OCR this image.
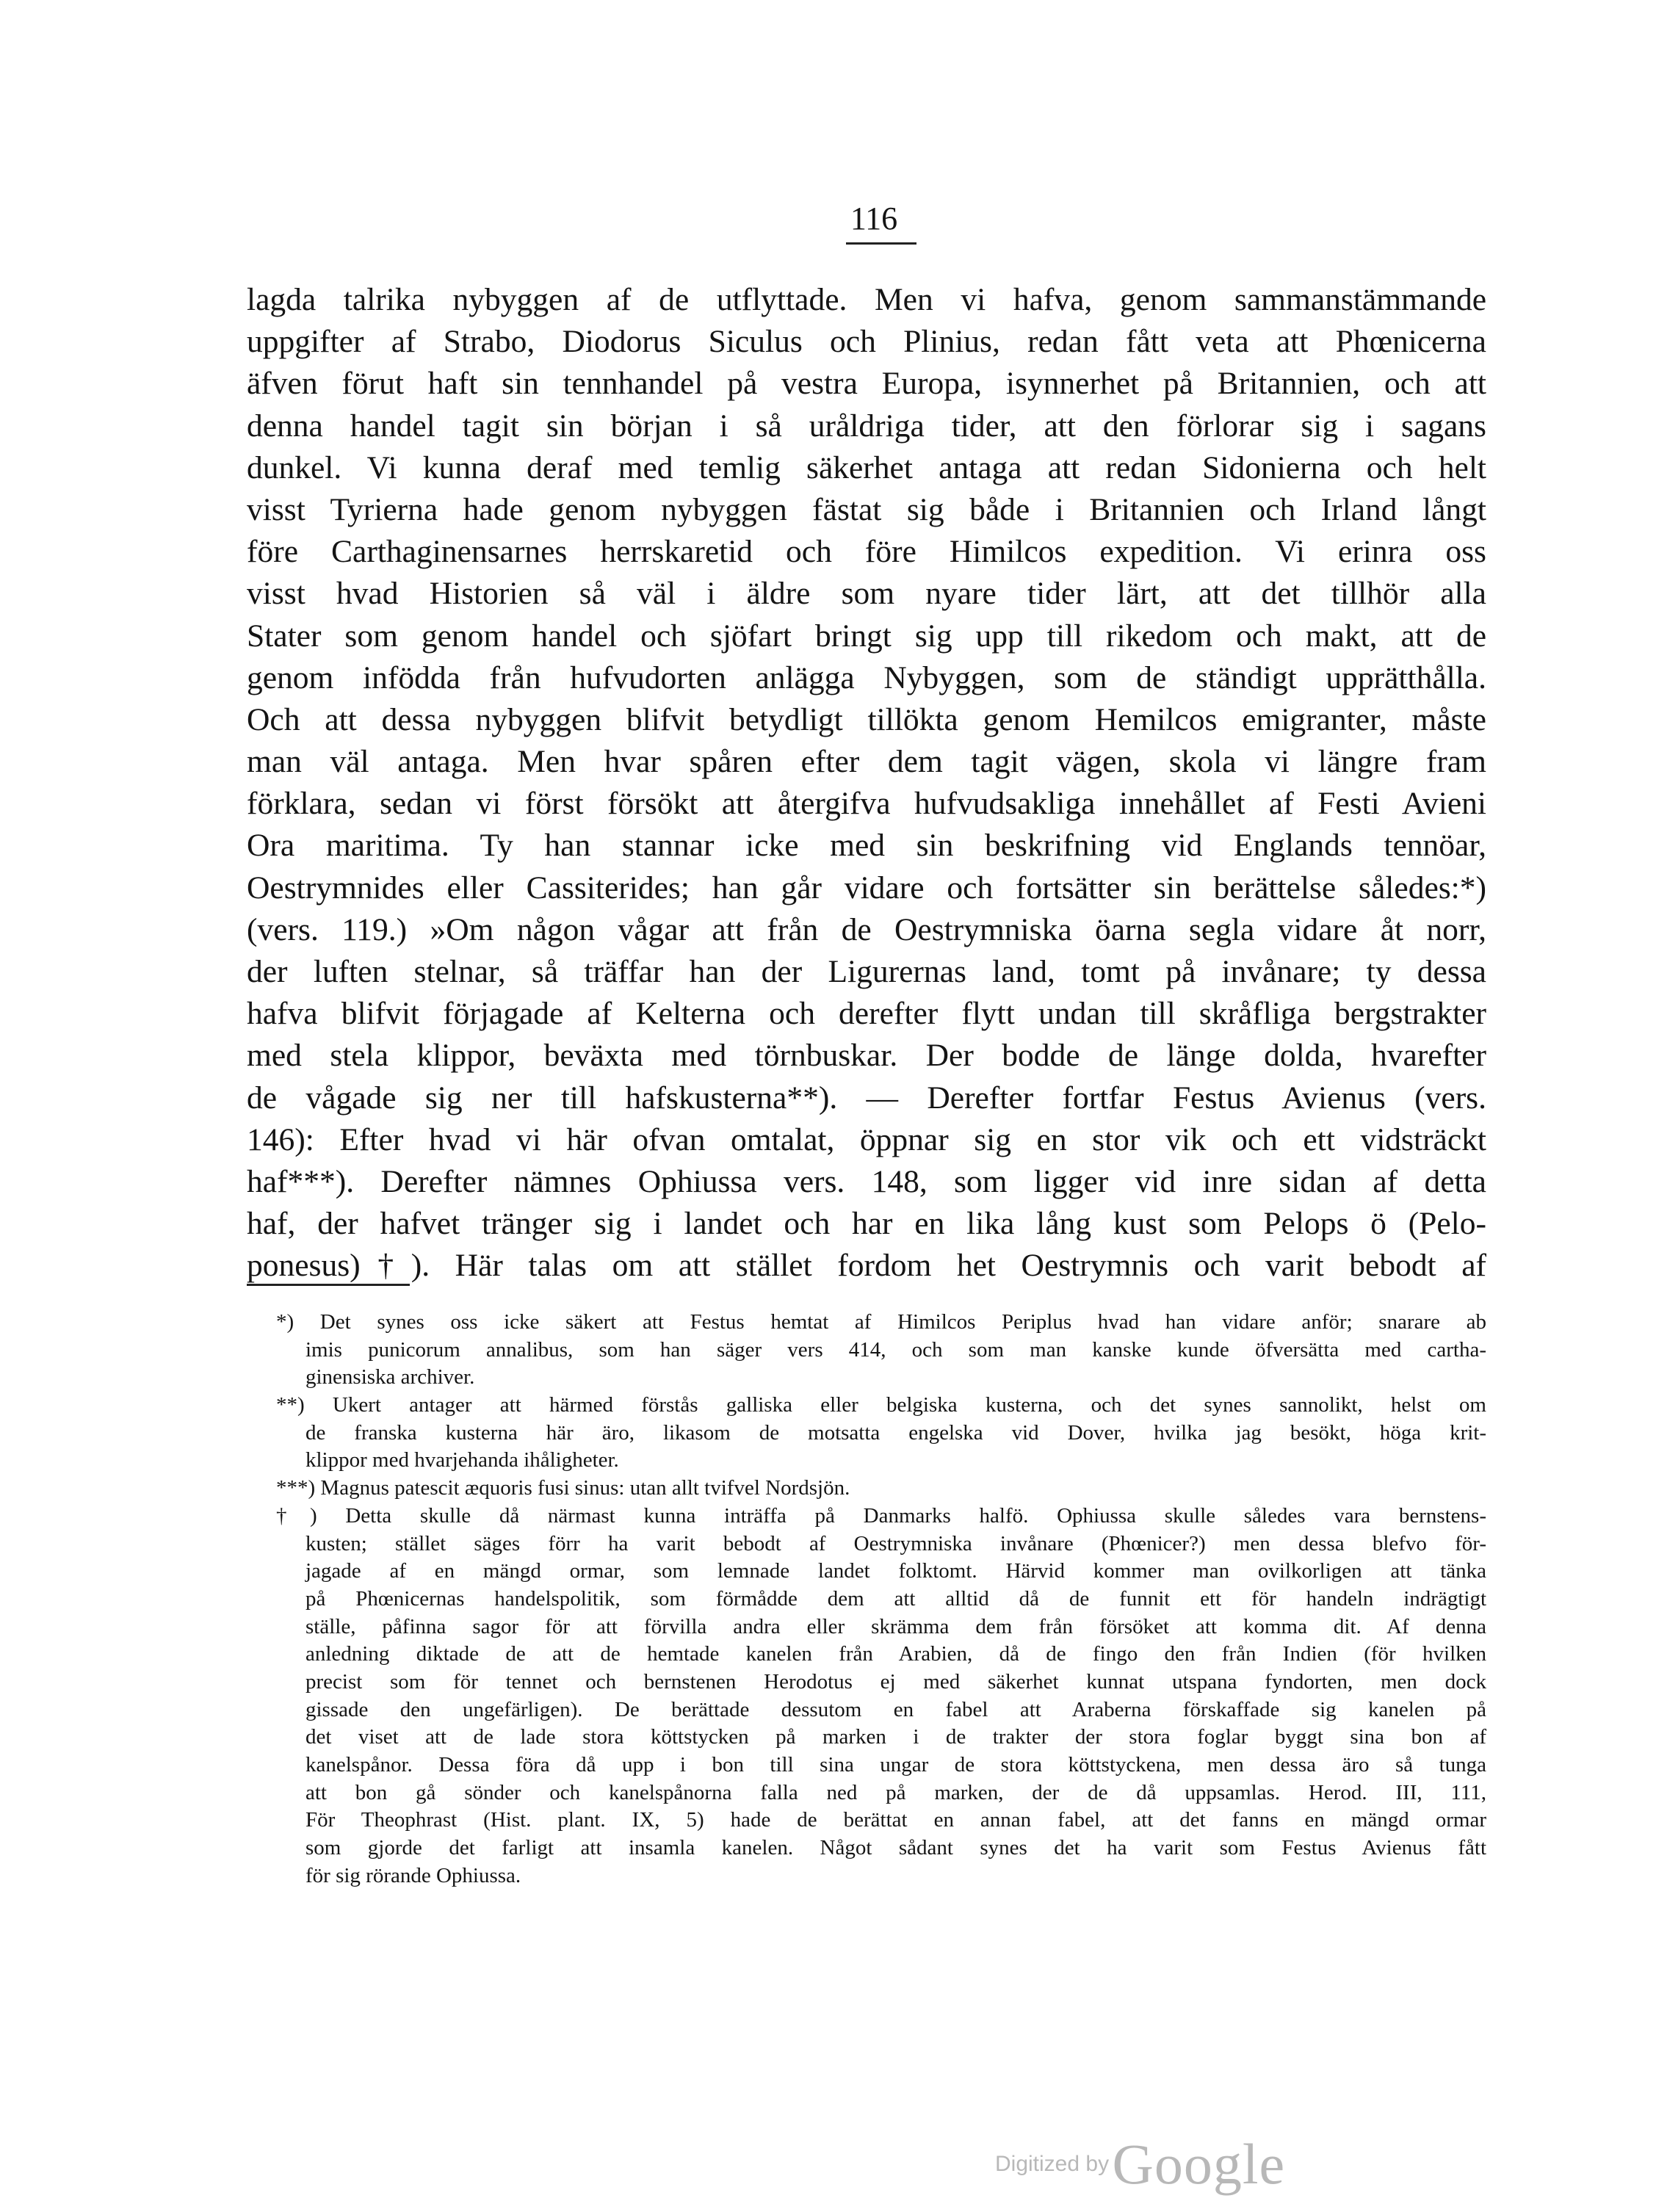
116
lagda talrika nybyggen af de utflyttade. Men vi hafva, genom sammanstämmande
uppgifter af Strabo, Diodorus Siculus och Plinius, redan fått veta att Phœnicerna
äfven förut haft sin tennhandel på vestra Europa, isynnerhet på Britannien, och att
denna handel tagit sin början i så uråldriga tider, att den förlorar sig i sagans
dunkel. Vi kunna deraf med temlig säkerhet antaga att redan Sidonierna och helt
visst Tyrierna hade genom nybyggen fästat sig både i Britannien och Irland långt
före Carthaginensarnes herrskaretid och före Himilcos expedition. Vi erinra oss
visst hvad Historien så väl i äldre som nyare tider lärt, att det tillhör alla
Stater som genom handel och sjöfart bringt sig upp till rikedom och makt, att de
genom infödda från hufvudorten anlägga Nybyggen, som de ständigt upprätthålla.
Och att dessa nybyggen blifvit betydligt tillökta genom Hemilcos emigranter, måste
man väl antaga. Men hvar spåren efter dem tagit vägen, skola vi längre fram
förklara, sedan vi först försökt att återgifva hufvudsakliga innehållet af Festi Avieni
Ora maritima. Ty han stannar icke med sin beskrifning vid Englands tennöar,
Oestrymnides eller Cassiterides; han går vidare och fortsätter sin berättelse således:*)
(vers. 119.) »Om någon vågar att från de Oestrymniska öarna segla vidare åt norr,
der luften stelnar, så träffar han der Ligurernas land, tomt på invånare; ty dessa
hafva blifvit förjagade af Kelterna och derefter flytt undan till skråfliga bergstrakter
med stela klippor, beväxta med törnbuskar. Der bodde de länge dolda, hvarefter
de vågade sig ner till hafskusterna**). — Derefter fortfar Festus Avienus (vers.
146): Efter hvad vi här ofvan omtalat, öppnar sig en stor vik och ett vidsträckt
haf***). Derefter nämnes Ophiussa vers. 148, som ligger vid inre sidan af detta
haf, der hafvet tränger sig i landet och har en lika lång kust som Pelops ö (Pelo-
ponesus)†). Här talas om att stället fordom het Oestrymnis och varit bebodt af
*) Det synes oss icke säkert att Festus hemtat af Himilcos Periplus hvad han vidare anför; snarare ab
imis punicorum annalibus, som han säger vers 414, och som man kanske kunde öfversätta med cartha-
ginensiska archiver.
**) Ukert antager att härmed förstås galliska eller belgiska kusterna, och det synes sannolikt, helst om
de franska kusterna här äro, likasom de motsatta engelska vid Dover, hvilka jag besökt, höga krit-
klippor med hvarjehanda ihåligheter.
***) Magnus patescit æquoris fusi sinus: utan allt tvifvel Nordsjön.
†) Detta skulle då närmast kunna inträffa på Danmarks halfö. Ophiussa skulle således vara bernstens-
kusten; stället säges förr ha varit bebodt af Oestrymniska invånare (Phœnicer?) men dessa blefvo för-
jagade af en mängd ormar, som lemnade landet folktomt. Härvid kommer man ovilkorligen att tänka
på Phœnicernas handelspolitik, som förmådde dem att alltid då de funnit ett för handeln indrägtigt
ställe, påfinna sagor för att förvilla andra eller skrämma dem från försöket att komma dit. Af denna
anledning diktade de att de hemtade kanelen från Arabien, då de fingo den från Indien (för hvilken
precist som för tennet och bernstenen Herodotus ej med säkerhet kunnat utspana fyndorten, men dock
gissade den ungefärligen). De berättade dessutom en fabel att Araberna förskaffade sig kanelen på
det viset att de lade stora köttstycken på marken i de trakter der stora foglar byggt sina bon af
kanelspånor. Dessa föra då upp i bon till sina ungar de stora köttstyckena, men dessa äro så tunga
att bon gå sönder och kanelspånorna falla ned på marken, der de då uppsamlas. Herod. III, 111,
För Theophrast (Hist. plant. IX, 5) hade de berättat en annan fabel, att det fanns en mängd ormar
som gjorde det farligt att insamla kanelen. Något sådant synes det ha varit som Festus Avienus fått
för sig rörande Ophiussa.
Digitized by Google
